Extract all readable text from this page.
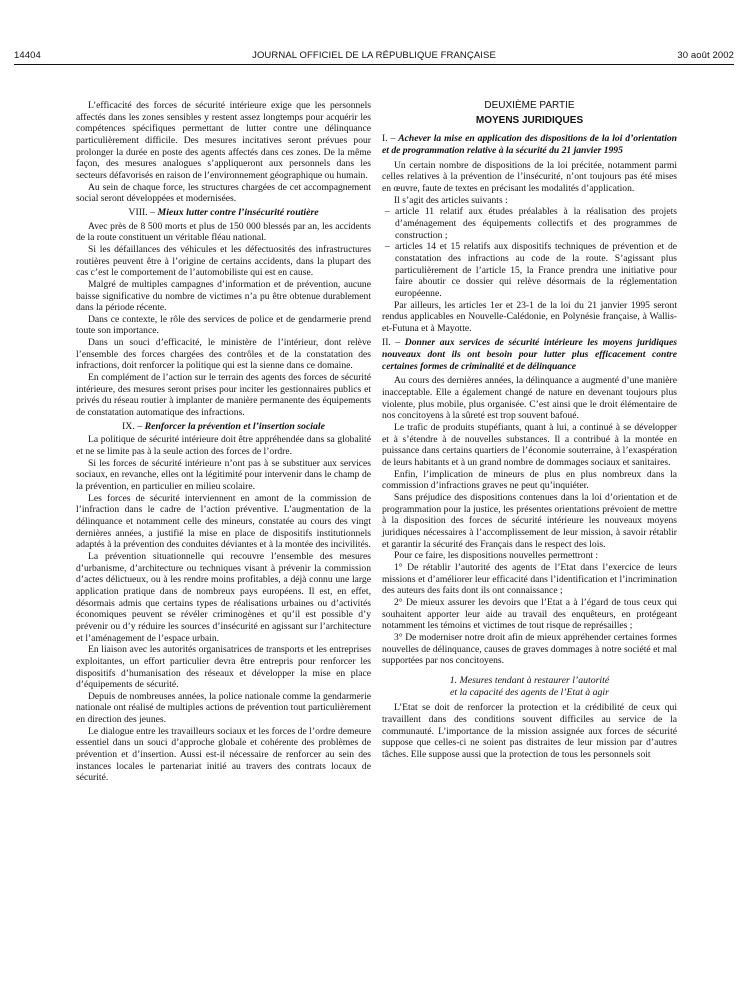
14404	JOURNAL OFFICIEL DE LA RÉPUBLIQUE FRANÇAISE	30 août 2002

L’efficacité des forces de sécurité intérieure exige que les personnels affectés dans les zones sensibles y restent assez longtemps pour acquérir les compétences spécifiques permettant de lutter contre une délinquance particulièrement difficile. Des mesures incitatives seront prévues pour prolonger la durée en poste des agents affectés dans ces zones. De la même façon, des mesures analogues s’appliqueront aux personnels dans les secteurs défavorisés en raison de l’environnement géographique ou humain.

Au sein de chaque force, les structures chargées de cet accompagnement social seront développées et modernisées.

VIII. – Mieux lutter contre l’insécurité routière

Avec près de 8 500 morts et plus de 150 000 blessés par an, les accidents de la route constituent un véritable fléau national.

Si les défaillances des véhicules et les défectuosités des infrastructures routières peuvent être à l’origine de certains accidents, dans la plupart des cas c’est le comportement de l’automobiliste qui est en cause.

Malgré de multiples campagnes d’information et de prévention, aucune baisse significative du nombre de victimes n’a pu être obtenue durablement dans la période récente.

Dans ce contexte, le rôle des services de police et de gendarmerie prend toute son importance.

Dans un souci d’efficacité, le ministère de l’intérieur, dont relève l’ensemble des forces chargées des contrôles et de la constatation des infractions, doit renforcer la politique qui est la sienne dans ce domaine.

En complément de l’action sur le terrain des agents des forces de sécurité intérieure, des mesures seront prises pour inciter les gestionnaires publics et privés du réseau routier à implanter de manière permanente des équipements de constatation automatique des infractions.

IX. – Renforcer la prévention et l’insertion sociale

La politique de sécurité intérieure doit être appréhendée dans sa globalité et ne se limite pas à la seule action des forces de l’ordre.

Si les forces de sécurité intérieure n’ont pas à se substituer aux services sociaux, en revanche, elles ont la légitimité pour intervenir dans le champ de la prévention, en particulier en milieu scolaire.

Les forces de sécurité interviennent en amont de la commission de l’infraction dans le cadre de l’action préventive. L’augmentation de la délinquance et notamment celle des mineurs, constatée au cours des vingt dernières années, a justifié la mise en place de dispositifs institutionnels adaptés à la prévention des conduites déviantes et à la montée des incivilités.

La prévention situationnelle qui recouvre l’ensemble des mesures d’urbanisme, d’architecture ou techniques visant à prévenir la commission d’actes délictueux, ou à les rendre moins profitables, a déjà connu une large application pratique dans de nombreux pays européens. Il est, en effet, désormais admis que certains types de réalisations urbaines ou d’activités économiques peuvent se révéler criminogènes et qu’il est possible d’y prévenir ou d’y réduire les sources d’insécurité en agissant sur l’architecture et l’aménagement de l’espace urbain.

En liaison avec les autorités organisatrices de transports et les entreprises exploitantes, un effort particulier devra être entrepris pour renforcer les dispositifs d’humanisation des réseaux et développer la mise en place d’équipements de sécurité.

Depuis de nombreuses années, la police nationale comme la gendarmerie nationale ont réalisé de multiples actions de prévention tout particulièrement en direction des jeunes.

Le dialogue entre les travailleurs sociaux et les forces de l’ordre demeure essentiel dans un souci d’approche globale et cohérente des problèmes de prévention et d’insertion. Aussi est-il nécessaire de renforcer au sein des instances locales le partenariat initié au travers des contrats locaux de sécurité.

DEUXIÈME PARTIE
MOYENS JURIDIQUES
I. – Achever la mise en application des dispositions de la loi d’orientation et de programmation relative à la sécurité du 21 janvier 1995

Un certain nombre de dispositions de la loi précitée, notamment parmi celles relatives à la prévention de l’insécurité, n’ont toujours pas été mises en œuvre, faute de textes en précisant les modalités d’application.

Il s’agit des articles suivants :

– article 11 relatif aux études préalables à la réalisation des projets d’aménagement des équipements collectifs et des programmes de construction ;
– articles 14 et 15 relatifs aux dispositifs techniques de prévention et de constatation des infractions au code de la route. S’agissant plus particulièrement de l’article 15, la France prendra une initiative pour faire aboutir ce dossier qui relève désormais de la réglementation européenne.

Par ailleurs, les articles 1er et 23-1 de la loi du 21 janvier 1995 seront rendus applicables en Nouvelle-Calédonie, en Polynésie française, à Wallis-et-Futuna et à Mayotte.

II. – Donner aux services de sécurité intérieure les moyens juridiques nouveaux dont ils ont besoin pour lutter plus efficacement contre certaines formes de criminalité et de délinquance

Au cours des dernières années, la délinquance a augmenté d’une manière inacceptable. Elle a également changé de nature en devenant toujours plus violente, plus mobile, plus organisée. C’est ainsi que le droit élémentaire de nos concitoyens à la sûreté est trop souvent bafoué.

Le trafic de produits stupéfiants, quant à lui, a continué à se développer et à s’étendre à de nouvelles substances. Il a contribué à la montée en puissance dans certains quartiers de l’économie souterraine, à l’exaspération de leurs habitants et à un grand nombre de dommages sociaux et sanitaires.

Enfin, l’implication de mineurs de plus en plus nombreux dans la commission d’infractions graves ne peut qu’inquiéter.

Sans préjudice des dispositions contenues dans la loi d’orientation et de programmation pour la justice, les présentes orientations prévoient de mettre à la disposition des forces de sécurité intérieure les nouveaux moyens juridiques nécessaires à l’accomplissement de leur mission, à savoir rétablir et garantir la sécurité des Français dans le respect des lois.

Pour ce faire, les dispositions nouvelles permettront :

1° De rétablir l’autorité des agents de l’Etat dans l’exercice de leurs missions et d’améliorer leur efficacité dans l’identification et l’incrimination des auteurs des faits dont ils ont connaissance ;

2° De mieux assurer les devoirs que l’Etat a à l’égard de tous ceux qui souhaitent apporter leur aide au travail des enquêteurs, en protégeant notamment les témoins et victimes de tout risque de représailles ;

3° De moderniser notre droit afin de mieux appréhender certaines formes nouvelles de délinquance, causes de graves dommages à notre société et mal supportées par nos concitoyens.

1. Mesures tendant à restaurer l’autorité
et la capacité des agents de l’Etat à agir

L’Etat se doit de renforcer la protection et la crédibilité de ceux qui travaillent dans des conditions souvent difficiles au service de la communauté. L’importance de la mission assignée aux forces de sécurité suppose que celles-ci ne soient pas distraites de leur mission par d’autres tâches. Elle suppose aussi que la protection de tous les personnels soit
